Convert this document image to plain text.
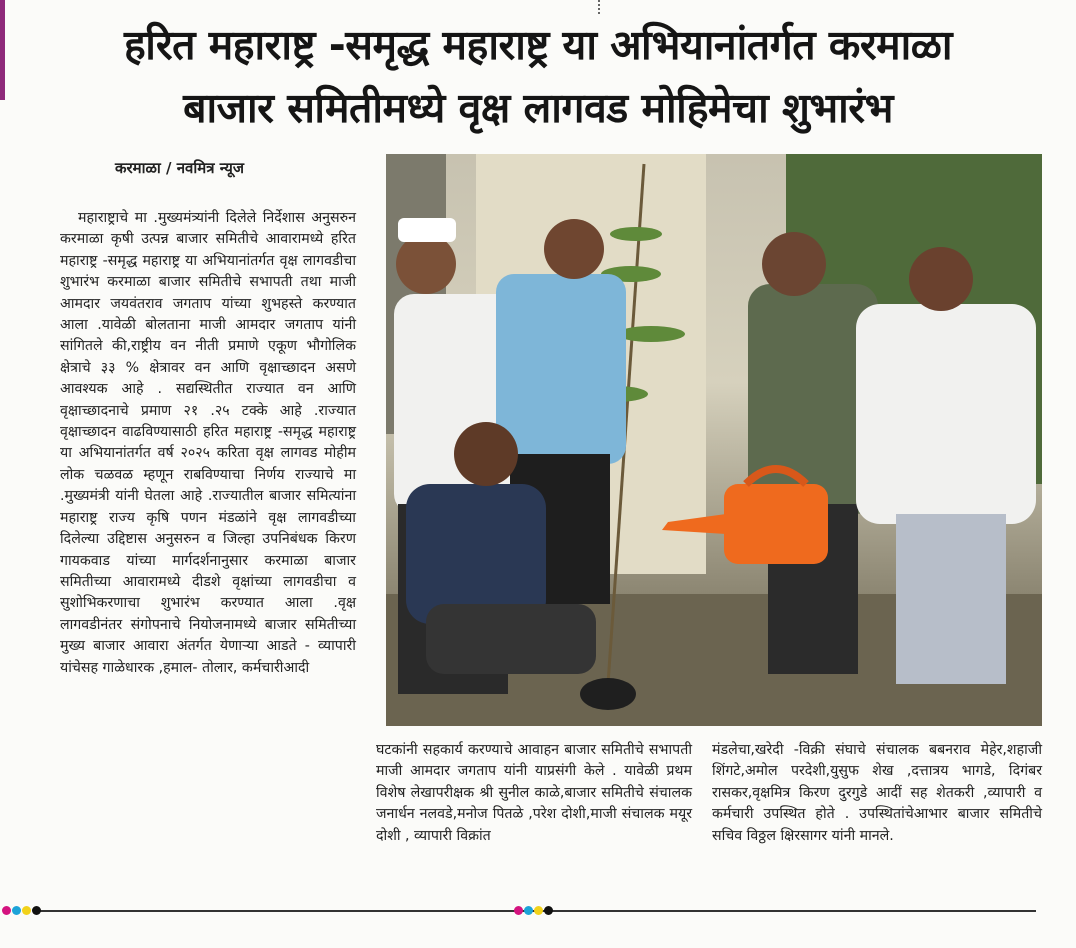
हरित महाराष्ट्र -समृद्ध महाराष्ट्र या अभियानांतर्गत करमाळा
बाजार समितीमध्ये वृक्ष लागवड मोहिमेचा शुभारंभ
करमाळा / नवमित्र न्यूज

महाराष्ट्राचे मा .मुख्यमंत्र्यांनी दिलेले निर्देशास अनुसरुन करमाळा कृषी उत्पन्न बाजार समितीचे आवारामध्ये हरित महाराष्ट्र -समृद्ध महाराष्ट्र या अभियानांतर्गत वृक्ष लागवडीचा शुभारंभ करमाळा बाजार समितीचे सभापती तथा माजी आमदार जयवंतराव जगताप यांच्या शुभहस्ते करण्यात आला .यावेळी बोलताना माजी आमदार जगताप यांनी सांगितले की,राष्ट्रीय वन नीती प्रमाणे एकूण भौगोलिक क्षेत्राचे ३३ % क्षेत्रावर वन आणि वृक्षाच्छादन असणे आवश्यक आहे . सद्यस्थितीत राज्यात वन आणि वृक्षाच्छादनाचे प्रमाण २१ .२५ टक्के आहे .राज्यात वृक्षाच्छादन वाढविण्यासाठी हरित महाराष्ट्र -समृद्ध महाराष्ट्र या अभियानांतर्गत वर्ष २०२५ करिता वृक्ष लागवड मोहीम लोक चळवळ म्हणून राबविण्याचा निर्णय राज्याचे मा .मुख्यमंत्री यांनी घेतला आहे .राज्यातील बाजार समित्यांना महाराष्ट्र राज्य कृषि पणन मंडळांने वृक्ष लागवडीच्या दिलेल्या उद्दिष्टास अनुसरुन व जिल्हा उपनिबंधक किरण गायकवाड यांच्या मार्गदर्शनानुसार करमाळा बाजार समितीच्या आवारामध्ये दीडशे वृक्षांच्या लागवडीचा व सुशोभिकरणाचा शुभारंभ करण्यात आला .वृक्ष लागवडीनंतर संगोपनाचे नियोजनामध्ये बाजार समितीच्या मुख्य बाजार आवारा अंतर्गत येणाऱ्या आडते - व्यापारी यांचेसह गाळेधारक ,हमाल- तोलार, कर्मचारीआदी

घटकांनी सहकार्य करण्याचे आवाहन बाजार समितीचे सभापती माजी आमदार जगताप यांनी याप्रसंगी केले . यावेळी प्रथम विशेष लेखापरीक्षक श्री सुनील काळे,बाजार समितीचे संचालक जनार्धन नलवडे,मनोज पितळे ,परेश दोशी,माजी संचालक मयूर दोशी , व्यापारी विक्रांत

मंडलेचा,खरेदी -विक्री संघाचे संचालक बबनराव मेहेर,शहाजी शिंगटे,अमोल परदेशी,युसुफ शेख ,दत्तात्रय भागडे, दिगंबर रासकर,वृक्षमित्र किरण दुरगुडे आदीं सह शेतकरी ,व्यापारी व कर्मचारी उपस्थित होते . उपस्थितांचेआभार बाजार समितीचे सचिव विठ्ठल क्षिरसागर यांनी मानले.
